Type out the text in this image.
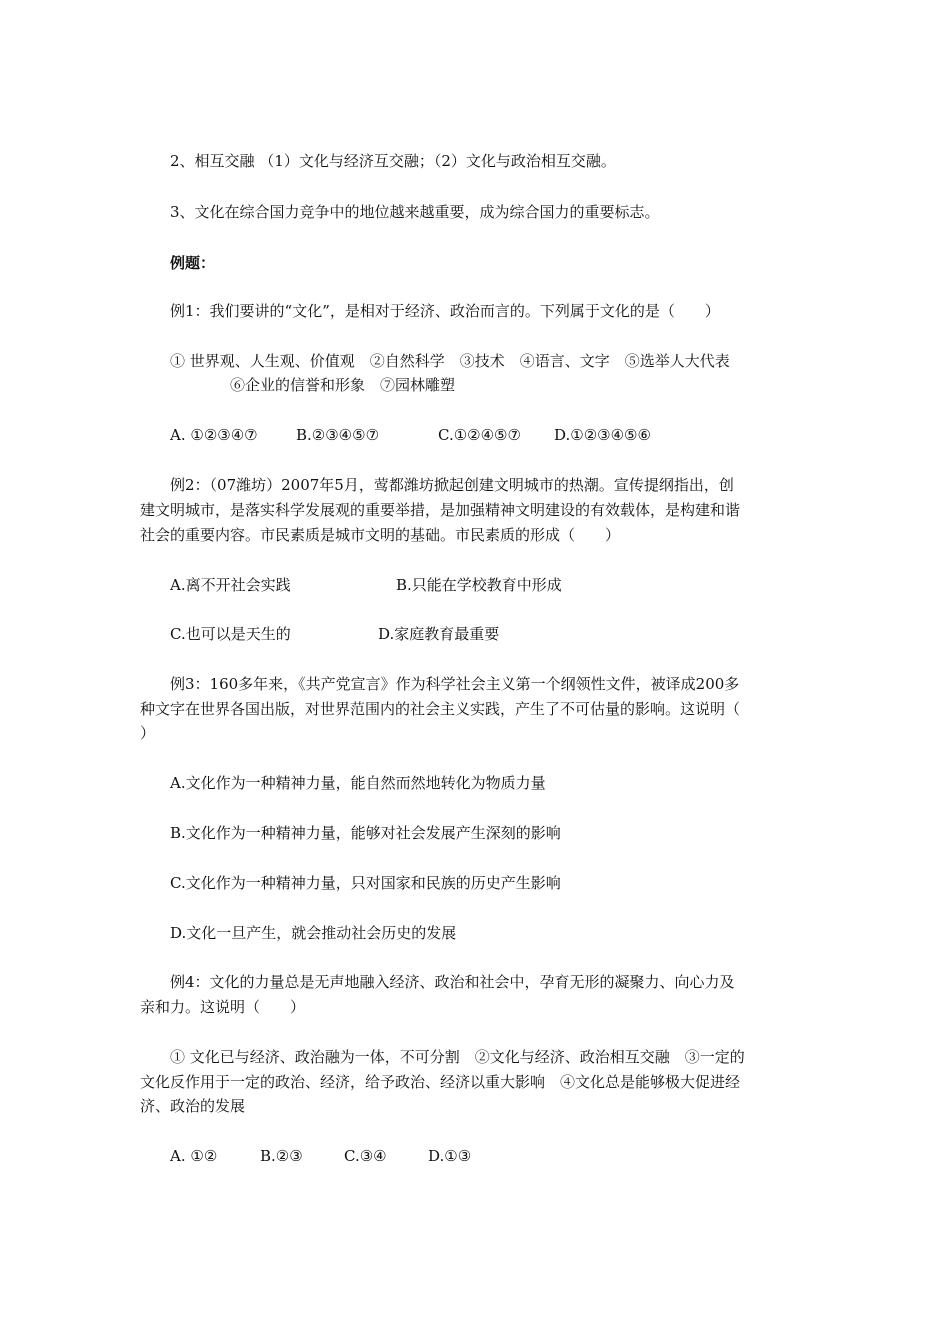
2、相互交融 （1）文化与经济互交融；（2）文化与政治相互交融。
3、文化在综合国力竞争中的地位越来越重要，成为综合国力的重要标志。
例题：
例1：我们要讲的“文化”，是相对于经济、政治而言的。下列属于文化的是（　　）
① 世界观、人生观、价值观　②自然科学　③技术　④语言、文字　⑤选举人大代表
⑥企业的信誉和形象　⑦园林雕塑
A. ①②③④⑦	B.②③④⑤⑦	C.①②④⑤⑦ D.①②③④⑤⑥
例2：（07潍坊）2007年5月，莺都潍坊掀起创建文明城市的热潮。宣传提纲指出，创
建文明城市，是落实科学发展观的重要举措，是加强精神文明建设的有效载体，是构建和谐
社会的重要内容。市民素质是城市文明的基础。市民素质的形成（　　）
A.离不开社会实践	B.只能在学校教育中形成
C.也可以是天生的	D.家庭教育最重要
例3：160多年来，《共产党宣言》作为科学社会主义第一个纲领性文件，被译成200多
种文字在世界各国出版，对世界范围内的社会主义实践，产生了不可估量的影响。这说明（
）
A.文化作为一种精神力量，能自然而然地转化为物质力量
B.文化作为一种精神力量，能够对社会发展产生深刻的影响
C.文化作为一种精神力量，只对国家和民族的历史产生影响
D.文化一旦产生，就会推动社会历史的发展
例4：文化的力量总是无声地融入经济、政治和社会中，孕育无形的凝聚力、向心力及
亲和力。这说明（　　）
① 文化已与经济、政治融为一体，不可分割　②文化与经济、政治相互交融　③一定的
文化反作用于一定的政治、经济，给予政治、经济以重大影响　④文化总是能够极大促进经
济、政治的发展
A. ①②	B.②③	C.③④	D.①③
